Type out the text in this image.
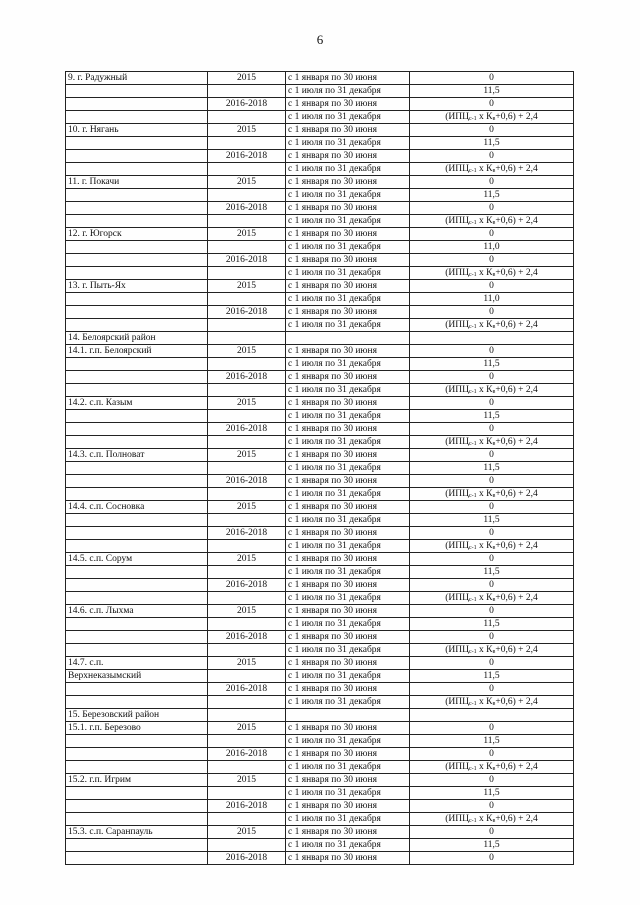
6
9. г. Радужный	2015	с 1 января по 30 июня	0
		с 1 июля по 31 декабря	11,5
	2016-2018	с 1 января по 30 июня	0
		с 1 июля по 31 декабря	($ИПЦ_{с-1}$ x $К_в+0,6) + 2,4$
10. г. Нягань	2015	с 1 января по 30 июня	0
		с 1 июля по 31 декабря	11,5
	2016-2018	с 1 января по 30 июня	0
		с 1 июля по 31 декабря	($ИПЦ_{с-1}$ x $К_в+0,6) + 2,4$
11. г. Покачи	2015	с 1 января по 30 июня	0
		с 1 июля по 31 декабря	11,5
	2016-2018	с 1 января по 30 июня	0
		с 1 июля по 31 декабря	($ИПЦ_{с-1}$ x $К_в+0,6) + 2,4$
12. г. Югорск	2015	с 1 января по 30 июня	0
		с 1 июля по 31 декабря	11,0
	2016-2018	с 1 января по 30 июня	0
		с 1 июля по 31 декабря	($ИПЦ_{с-1}$ x $К_в+0,6) + 2,4$
13. г. Пыть-Ях	2015	с 1 января по 30 июня	0
		с 1 июля по 31 декабря	11,0
	2016-2018	с 1 января по 30 июня	0
		с 1 июля по 31 декабря	($ИПЦ_{с-1}$ x $К_в+0,6) + 2,4$
14. Белоярский район			
14.1. г.п. Белоярский	2015	с 1 января по 30 июня	0
		с 1 июля по 31 декабря	11,5
	2016-2018	с 1 января по 30 июня	0
		с 1 июля по 31 декабря	($ИПЦ_{с-1}$ x $К_в+0,6) + 2,4$
14.2. с.п. Казым	2015	с 1 января по 30 июня	0
		с 1 июля по 31 декабря	11,5
	2016-2018	с 1 января по 30 июня	0
		с 1 июля по 31 декабря	($ИПЦ_{с-1}$ x $К_в+0,6) + 2,4$
14.3. с.п. Полноват	2015	с 1 января по 30 июня	0
		с 1 июля по 31 декабря	11,5
	2016-2018	с 1 января по 30 июня	0
		с 1 июля по 31 декабря	($ИПЦ_{с-1}$ x $К_в+0,6) + 2,4$
14.4. с.п. Сосновка	2015	с 1 января по 30 июня	0
		с 1 июля по 31 декабря	11,5
	2016-2018	с 1 января по 30 июня	0
		с 1 июля по 31 декабря	($ИПЦ_{с-1}$ x $К_в+0,6) + 2,4$
14.5. с.п. Сорум	2015	с 1 января по 30 июня	0
		с 1 июля по 31 декабря	11,5
	2016-2018	с 1 января по 30 июня	0
		с 1 июля по 31 декабря	($ИПЦ_{с-1}$ x $К_в+0,6) + 2,4$
14.6. с.п. Лыхма	2015	с 1 января по 30 июня	0
		с 1 июля по 31 декабря	11,5
	2016-2018	с 1 января по 30 июня	0
		с 1 июля по 31 декабря	($ИПЦ_{с-1}$ x $К_в+0,6) + 2,4$
14.7. с.п.	2015	с 1 января по 30 июня	0
Верхнеказымский		с 1 июля по 31 декабря	11,5
	2016-2018	с 1 января по 30 июня	0
		с 1 июля по 31 декабря	($ИПЦ_{с-1}$ x $К_в+0,6) + 2,4$
15. Березовский район			
15.1. г.п. Березово	2015	с 1 января по 30 июня	0
		с 1 июля по 31 декабря	11,5
	2016-2018	с 1 января по 30 июня	0
		с 1 июля по 31 декабря	($ИПЦ_{с-1}$ x $К_в+0,6) + 2,4$
15.2. г.п. Игрим	2015	с 1 января по 30 июня	0
		с 1 июля по 31 декабря	11,5
	2016-2018	с 1 января по 30 июня	0
		с 1 июля по 31 декабря	($ИПЦ_{с-1}$ x $К_в+0,6) + 2,4$
15.3. с.п. Саранпауль	2015	с 1 января по 30 июня	0
		с 1 июля по 31 декабря	11,5
	2016-2018	с 1 января по 30 июня	0
